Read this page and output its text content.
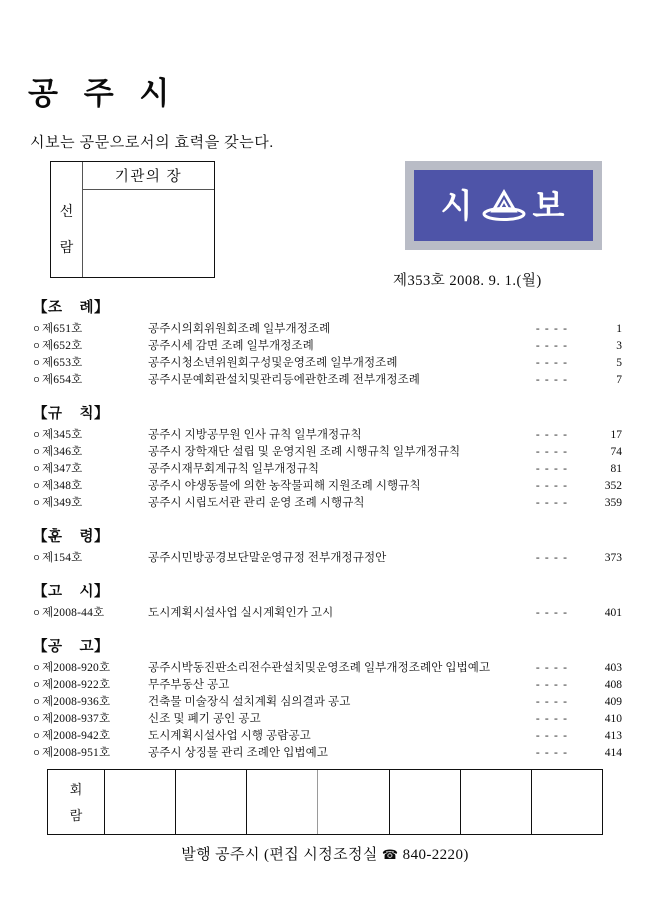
공 주 시
시보는 공문으로서의 효력을 갖는다.
선
람
기관의 장
시 보
제353호 2008. 9. 1.(월)
【조 례】
ㅇ 제651호	공주시의회위원회조례 일부개정조례	- - - -	1
ㅇ 제652호	공주시세 감면 조례 일부개정조례	- - - -	3
ㅇ 제653호	공주시청소년위원회구성및운영조례 일부개정조례	- - - -	5
ㅇ 제654호	공주시문예회관설치및관리등에관한조례 전부개정조례	- - - -	7
【규 칙】
ㅇ 제345호	공주시 지방공무원 인사 규칙 일부개정규칙	- - - -	17
ㅇ 제346호	공주시 장학재단 설립 및 운영지원 조례 시행규칙 일부개정규칙	- - - -	74
ㅇ 제347호	공주시재무회계규칙 일부개정규칙	- - - -	81
ㅇ 제348호	공주시 야생동물에 의한 농작물피해 지원조례 시행규칙	- - - -	352
ㅇ 제349호	공주시 시립도서관 관리 운영 조례 시행규칙	- - - -	359
【훈 령】
ㅇ 제154호	공주시민방공경보단말운영규정 전부개정규정안	- - - -	373
【고 시】
ㅇ 제2008-44호	도시계획시설사업 실시계획인가 고시	- - - -	401
【공 고】
ㅇ 제2008-920호	공주시박동진판소리전수관설치및운영조례 일부개정조례안 입법예고	- - - -	403
ㅇ 제2008-922호	무주부동산 공고	- - - -	408
ㅇ 제2008-936호	건축물 미술장식 설치계획 심의결과 공고	- - - -	409
ㅇ 제2008-937호	신조 및 폐기 공인 공고	- - - -	410
ㅇ 제2008-942호	도시계획시설사업 시행 공람공고	- - - -	413
ㅇ 제2008-951호	공주시 상징물 관리 조례안 입법예고	- - - -	414
회
람
발행 공주시 (편집 시정조정실 ☎ 840-2220)
